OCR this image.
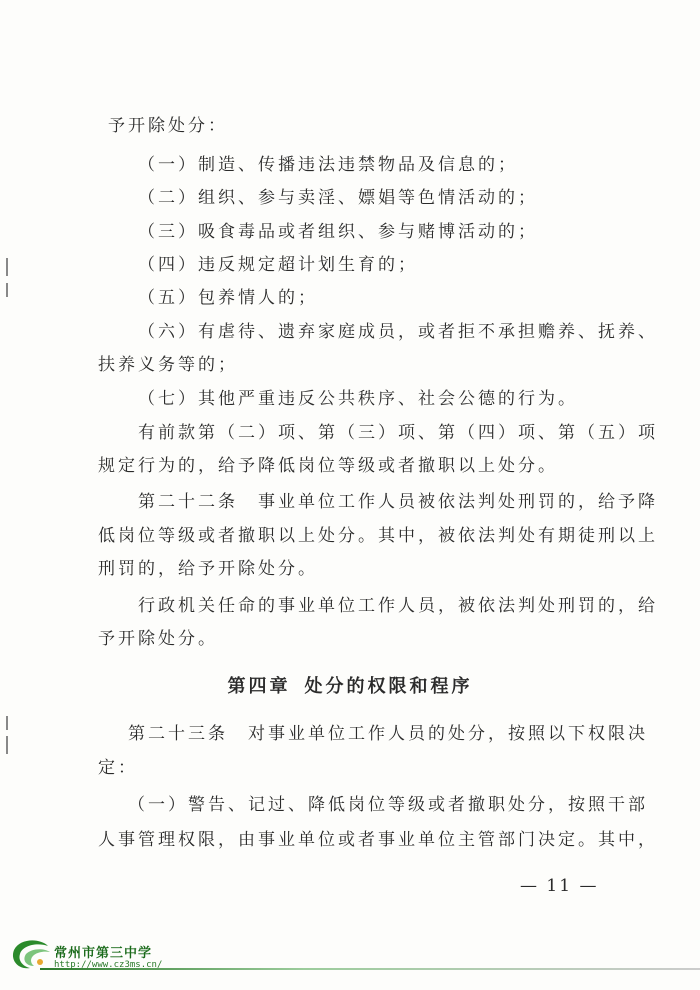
予开除处分：
（一）制造、传播违法违禁物品及信息的；
（二）组织、参与卖淫、嫖娼等色情活动的；
（三）吸食毒品或者组织、参与赌博活动的；
（四）违反规定超计划生育的；
（五）包养情人的；
（六）有虐待、遗弃家庭成员，或者拒不承担赡养、抚养、
扶养义务等的；
（七）其他严重违反公共秩序、社会公德的行为。
有前款第（二）项、第（三）项、第（四）项、第（五）项
规定行为的，给予降低岗位等级或者撤职以上处分。
第二十二条　事业单位工作人员被依法判处刑罚的，给予降
低岗位等级或者撤职以上处分。其中，被依法判处有期徒刑以上
刑罚的，给予开除处分。
行政机关任命的事业单位工作人员，被依法判处刑罚的，给
予开除处分。
第四章 处分的权限和程序
第二十三条　对事业单位工作人员的处分，按照以下权限决
定：
（一）警告、记过、降低岗位等级或者撤职处分，按照干部
人事管理权限，由事业单位或者事业单位主管部门决定。其中，
— 11 —
常州市第三中学
http://www.cz3ms.cn/
